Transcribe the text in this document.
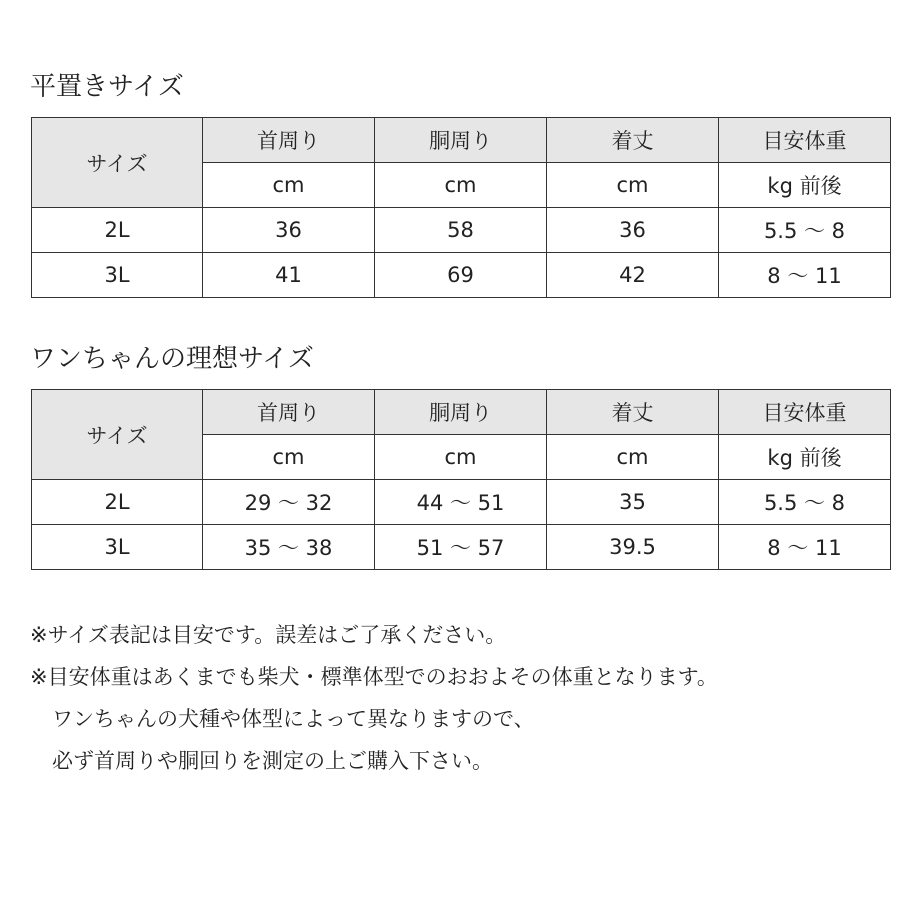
平置きサイズ
サイズ	首周り	胴周り	着丈	目安体重
	cm	cm	cm	kg 前後
2L	36	58	36	5.5 〜 8
3L	41	69	42	8 〜 11
ワンちゃんの理想サイズ
サイズ	首周り	胴周り	着丈	目安体重
	cm	cm	cm	kg 前後
2L	29 〜 32	44 〜 51	35	5.5 〜 8
3L	35 〜 38	51 〜 57	39.5	8 〜 11
※サイズ表記は目安です。誤差はご了承ください。
※目安体重はあくまでも柴犬・標準体型でのおおよその体重となります。
ワンちゃんの犬種や体型によって異なりますので、
必ず首周りや胴回りを測定の上ご購入下さい。
